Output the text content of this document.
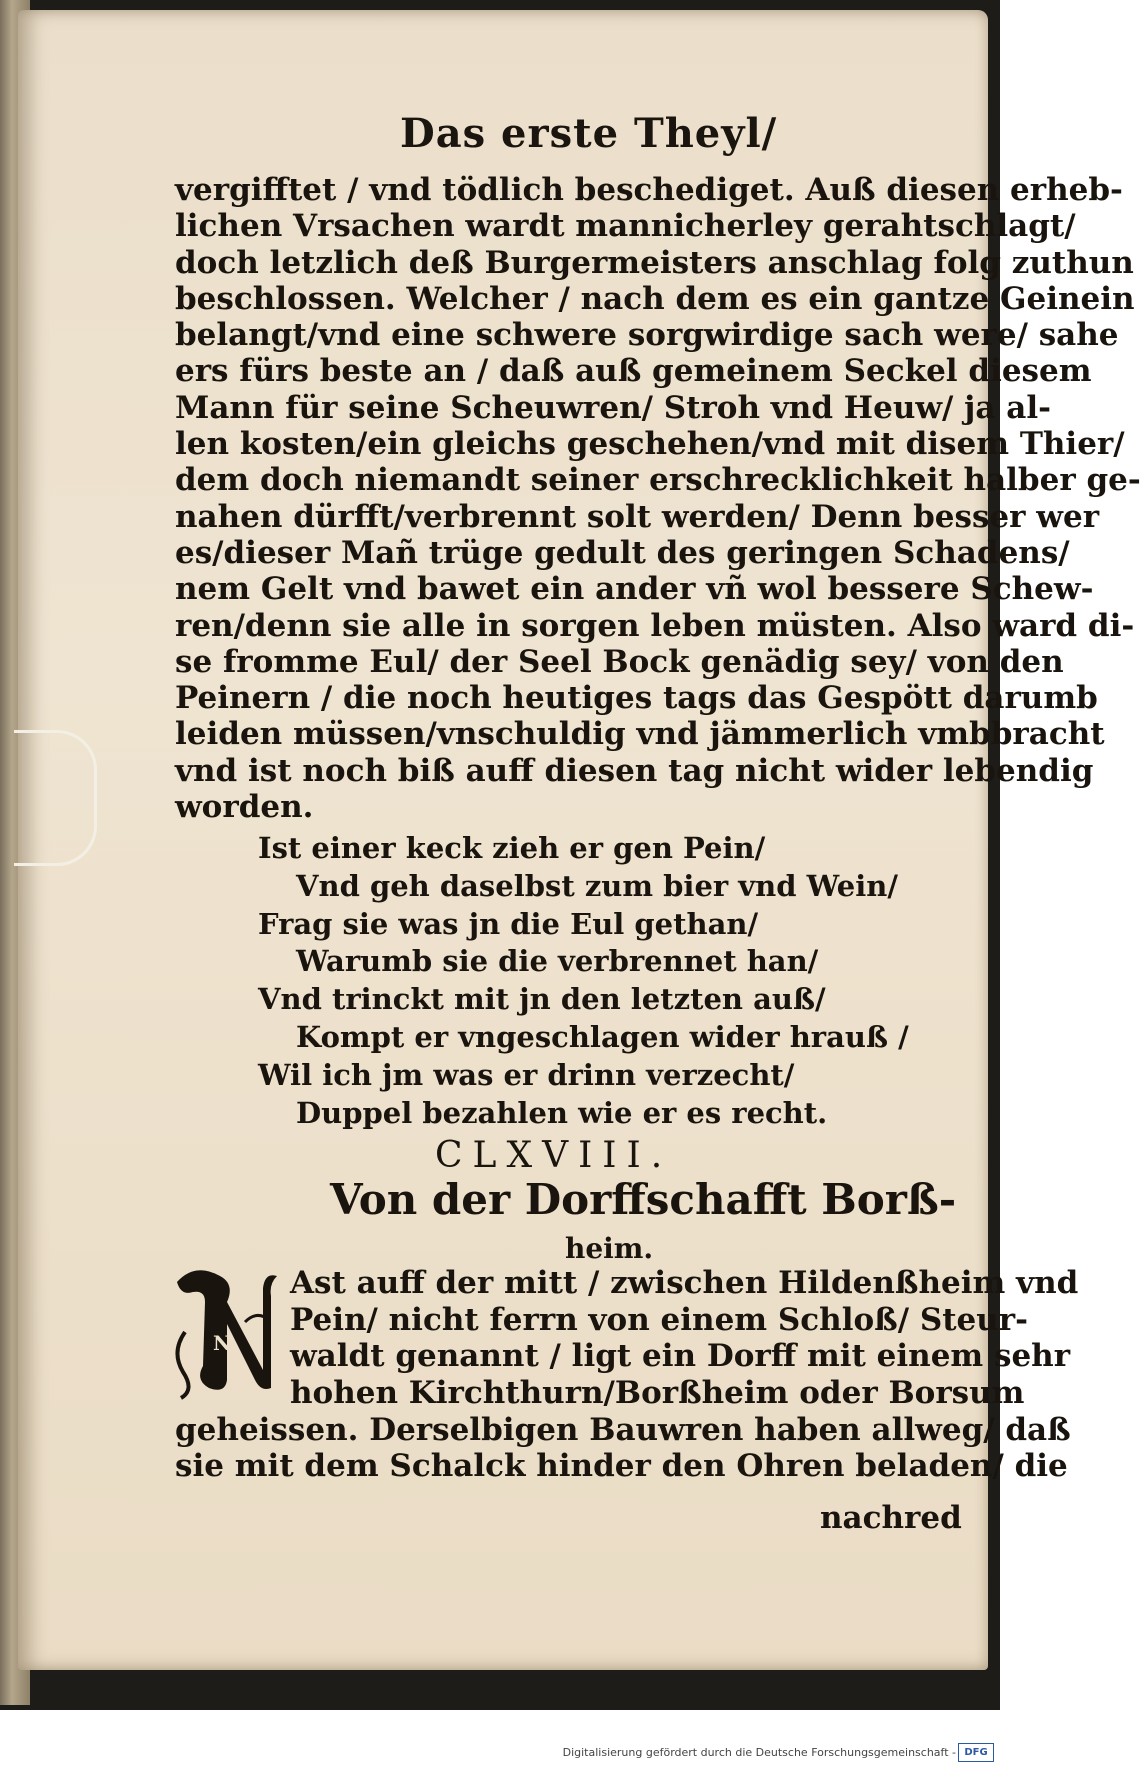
Das erste Theyl/
vergifftet / vnd tödlich beschediget. Auß diesen erheb-
lichen Vrsachen wardt mannicherley gerahtschlagt/
doch letzlich deß Burgermeisters anschlag folg zuthun
beschlossen. Welcher / nach dem es ein gantze Geinein
belangt/vnd eine schwere sorgwirdige sach were/ sahe
ers fürs beste an / daß auß gemeinem Seckel diesem
Mann für seine Scheuwren/ Stroh vnd Heuw/ ja al-
len kosten/ein gleichs geschehen/vnd mit disem Thier/
dem doch niemandt seiner erschrecklichkeit halber ge-
nahen dürfft/verbrennt solt werden/ Denn besser wer
es/dieser Mañ trüge gedult des geringen Schadens/
nem Gelt vnd bawet ein ander vñ wol bessere Schew-
ren/denn sie alle in sorgen leben müsten. Also ward di-
se fromme Eul/ der Seel Bock genädig sey/ von den
Peinern / die noch heutiges tags das Gespött darumb
leiden müssen/vnschuldig vnd jämmerlich vmbbracht
vnd ist noch biß auff diesen tag nicht wider lebendig
worden.
Ist einer keck zieh er gen Pein/
Vnd geh daselbst zum bier vnd Wein/
Frag sie was jn die Eul gethan/
Warumb sie die verbrennet han/
Vnd trinckt mit jn den letzten auß/
Kompt er vngeschlagen wider hrauß /
Wil ich jm was er drinn verzecht/
Duppel bezahlen wie er es recht.
CLXVIII.
Von der Dorffschafft Borß-
heim.
N
Ast auff der mitt / zwischen Hildenßheim vnd
Pein/ nicht ferrn von einem Schloß/ Steur-
waldt genannt / ligt ein Dorff mit einem sehr
hohen Kirchthurn/Borßheim oder Borsum
geheissen. Derselbigen Bauwren haben allweg/ daß
sie mit dem Schalck hinder den Ohren beladen/ die
nachred
Digitalisierung gefördert durch die Deutsche Forschungsgemeinschaft - DFG
